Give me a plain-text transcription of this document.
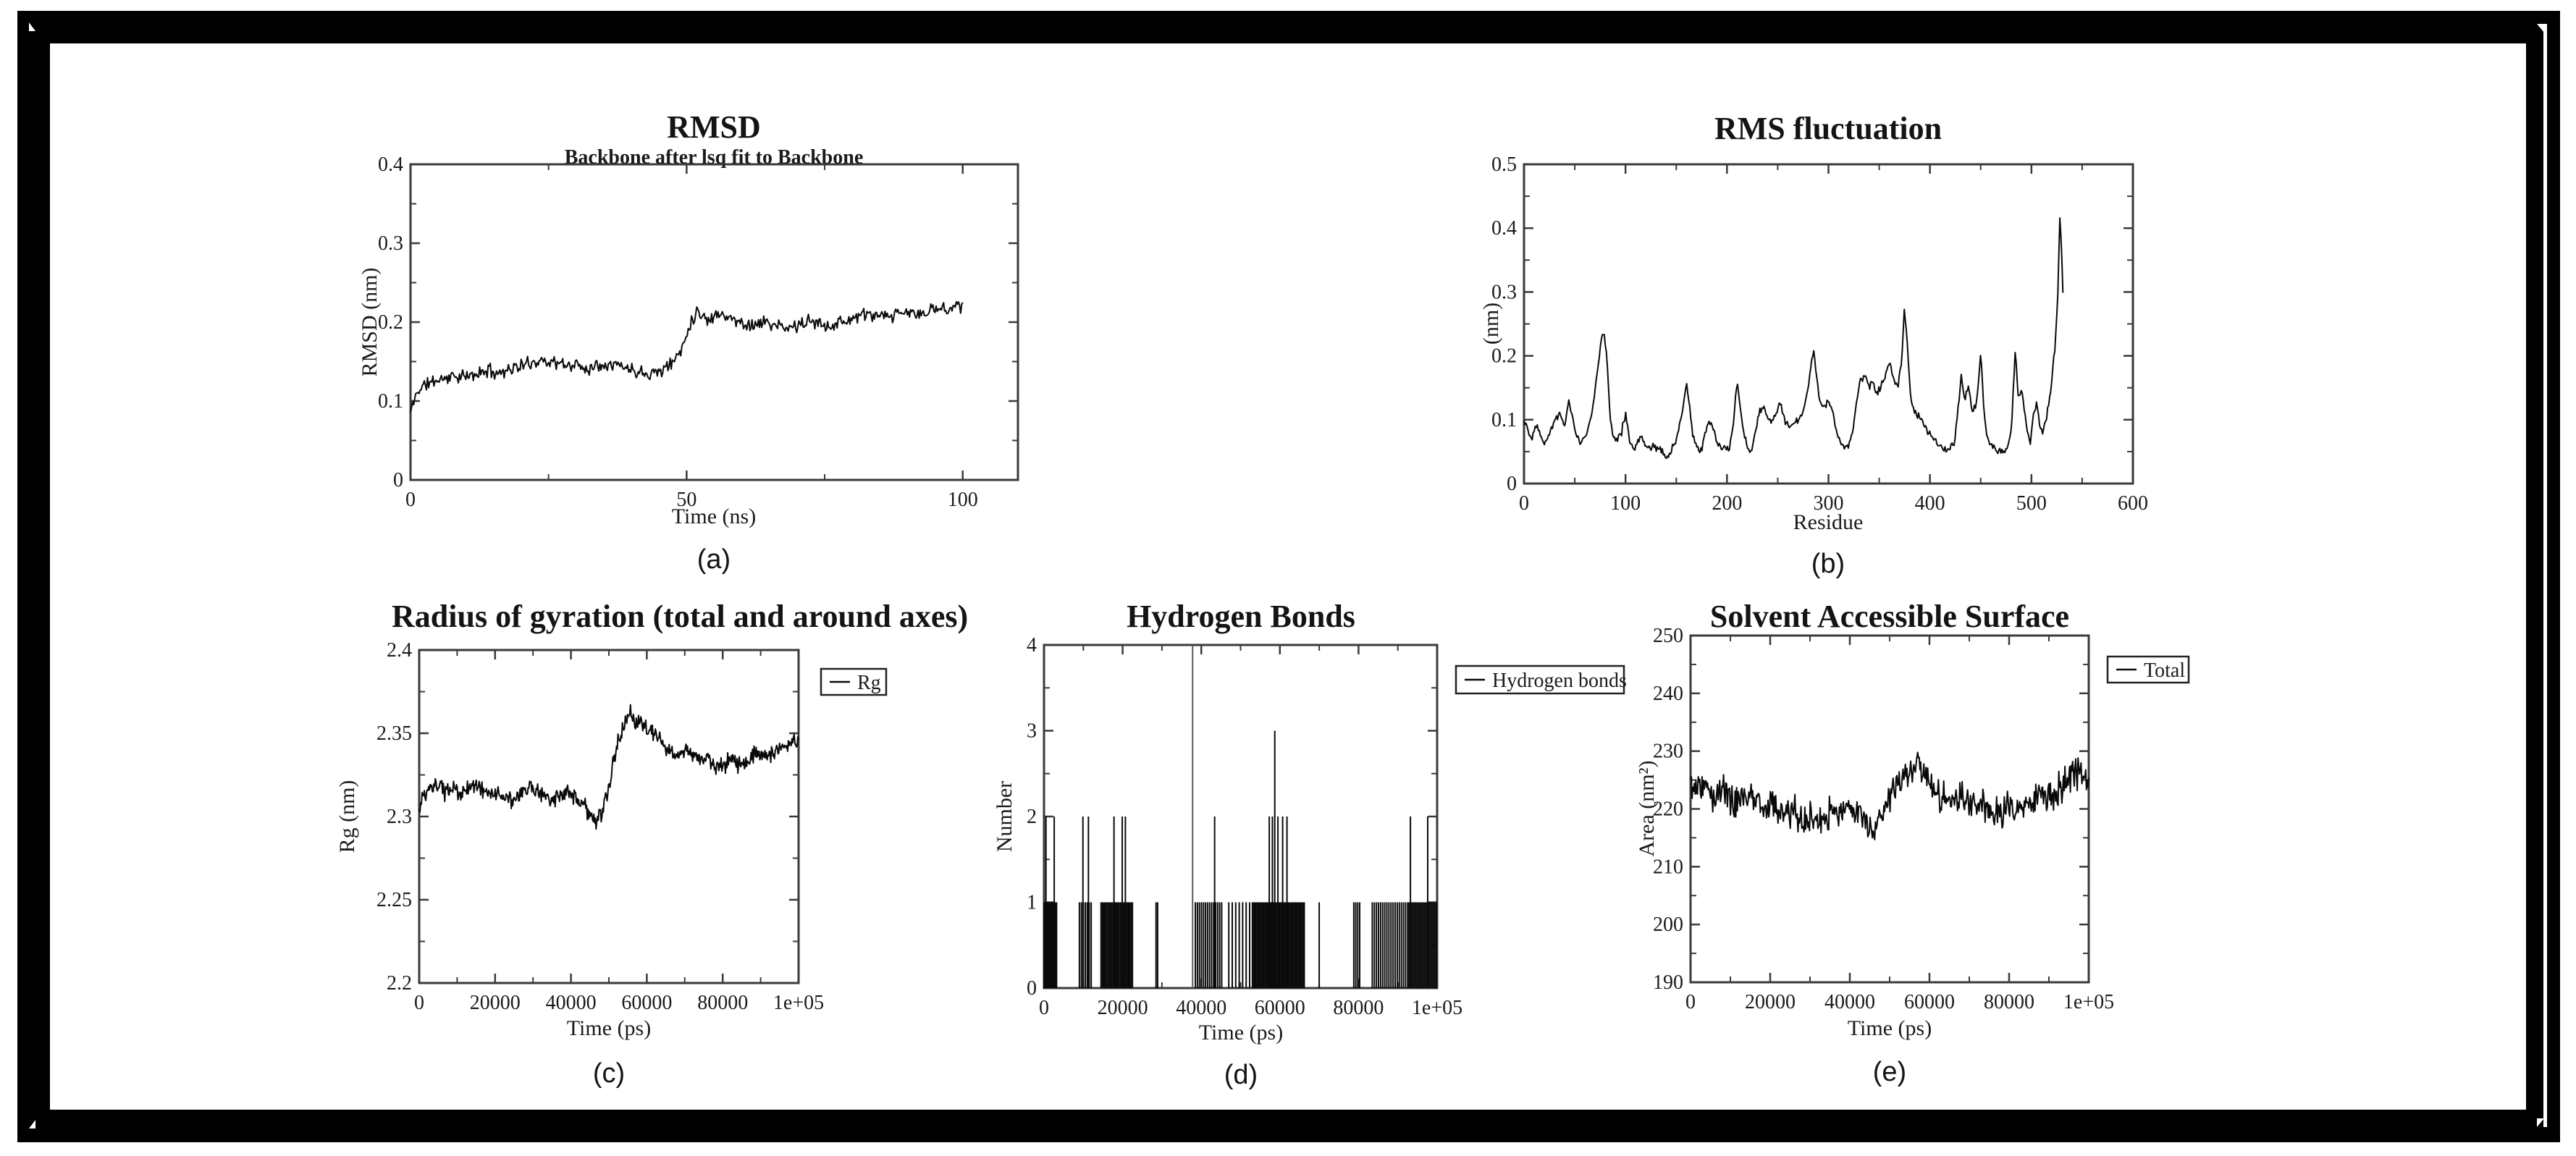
RMSD
Backbone after lsq fit to Backbone
RMSD (nm)
0	50	100
0
0.1
0.2
0.3
0.4
Time (ns)
(a)
RMS fluctuation
(nm)
0	100	200	300	400	500	600
0
0.1
0.2
0.3
0.4
0.5
Residue
(b)
Radius of gyration (total and around axes)
Rg (nm)
0 20000 40000 60000 80000 1e+05
2.2
2.25
2.3
2.35
2.4
Rg
Time (ps)
(c)
Hydrogen Bonds
Number
0 20000 40000 60000 80000 1e+05
0
1
2
3
4
Hydrogen bonds
Time (ps)
(d)
Solvent Accessible Surface
Area (nm²)
0 20000 40000 60000 80000 1e+05
190
200
210
220
230
240
250
Total
Time (ps)
(e)
